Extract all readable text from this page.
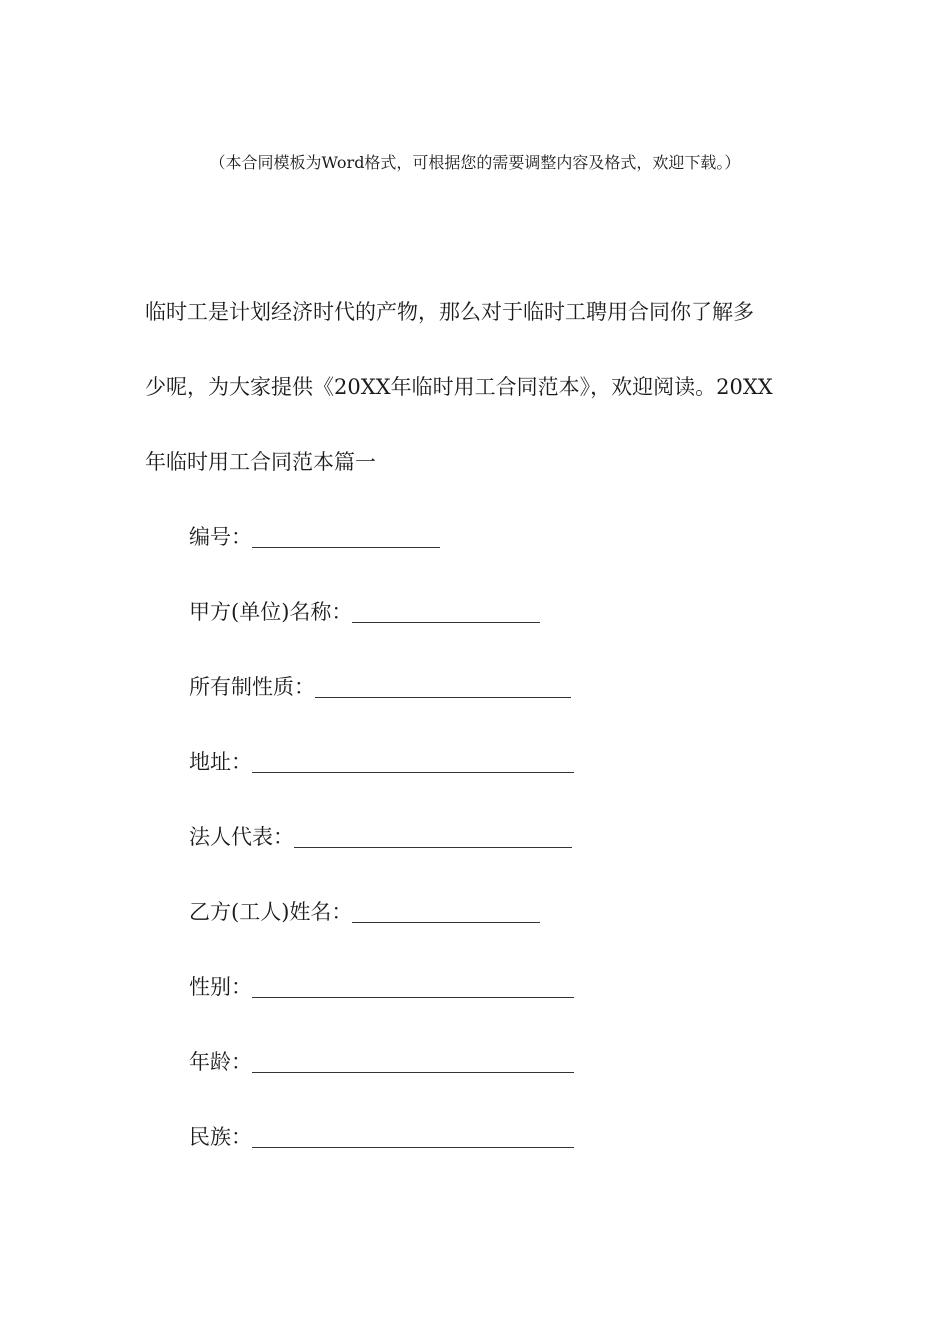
（本合同模板为Word格式，可根据您的需要调整内容及格式，欢迎下载。）
临时工是计划经济时代的产物，那么对于临时工聘用合同你了解多
少呢，为大家提供《20XX年临时用工合同范本》，欢迎阅读。20XX
年临时用工合同范本篇一
编号：
甲方(单位)名称：
所有制性质：
地址：
法人代表：
乙方(工人)姓名：
性别：
年龄：
民族：
